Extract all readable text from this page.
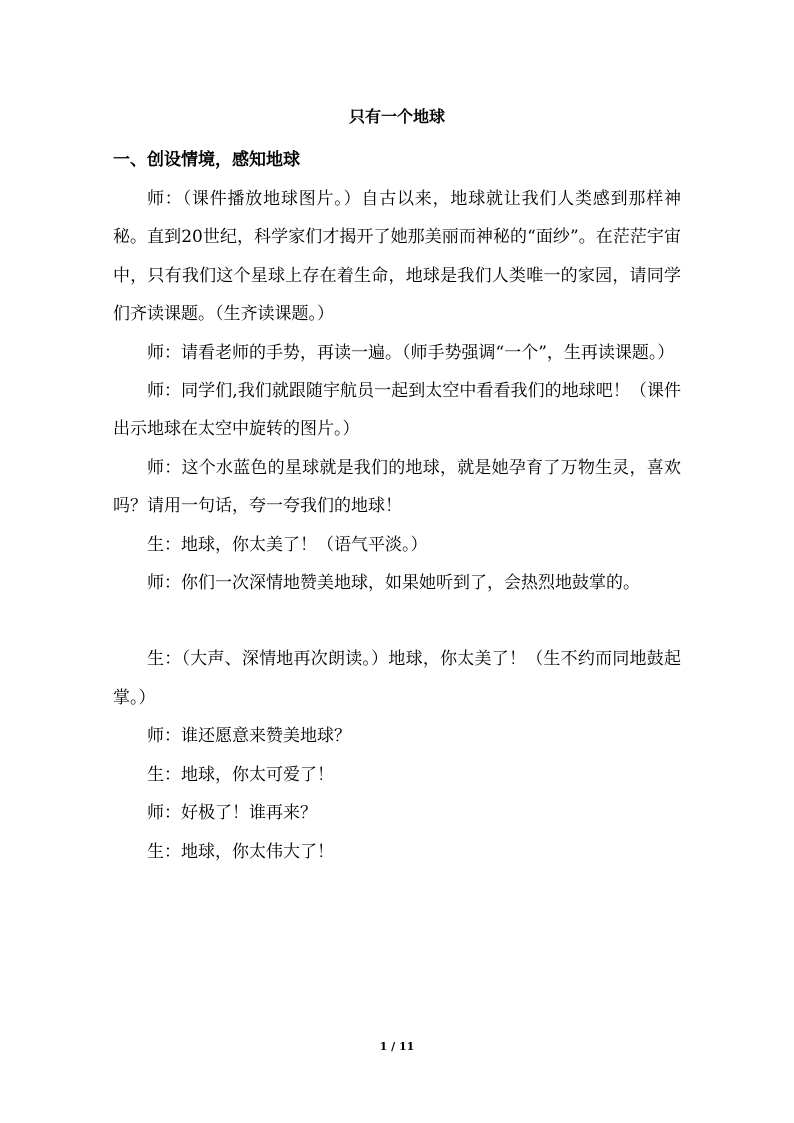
只有一个地球
一、创设情境，感知地球

师：（课件播放地球图片。）自古以来，地球就让我们人类感到那样神秘。直到20世纪，科学家们才揭开了她那美丽而神秘的“面纱”。在茫茫宇宙中，只有我们这个星球上存在着生命，地球是我们人类唯一的家园，请同学们齐读课题。（生齐读课题。）

师：请看老师的手势，再读一遍。（师手势强调“一个”，生再读课题。）

师：同学们,我们就跟随宇航员一起到太空中看看我们的地球吧！（课件出示地球在太空中旋转的图片。）

师：这个水蓝色的星球就是我们的地球，就是她孕育了万物生灵，喜欢吗？请用一句话，夸一夸我们的地球！

生：地球，你太美了！（语气平淡。）

师：你们一次深情地赞美地球，如果她听到了，会热烈地鼓掌的。

生：（大声、深情地再次朗读。）地球，你太美了！（生不约而同地鼓起掌。）

师：谁还愿意来赞美地球？

生：地球，你太可爱了！

师：好极了！谁再来？

生：地球，你太伟大了！

1 / 11
